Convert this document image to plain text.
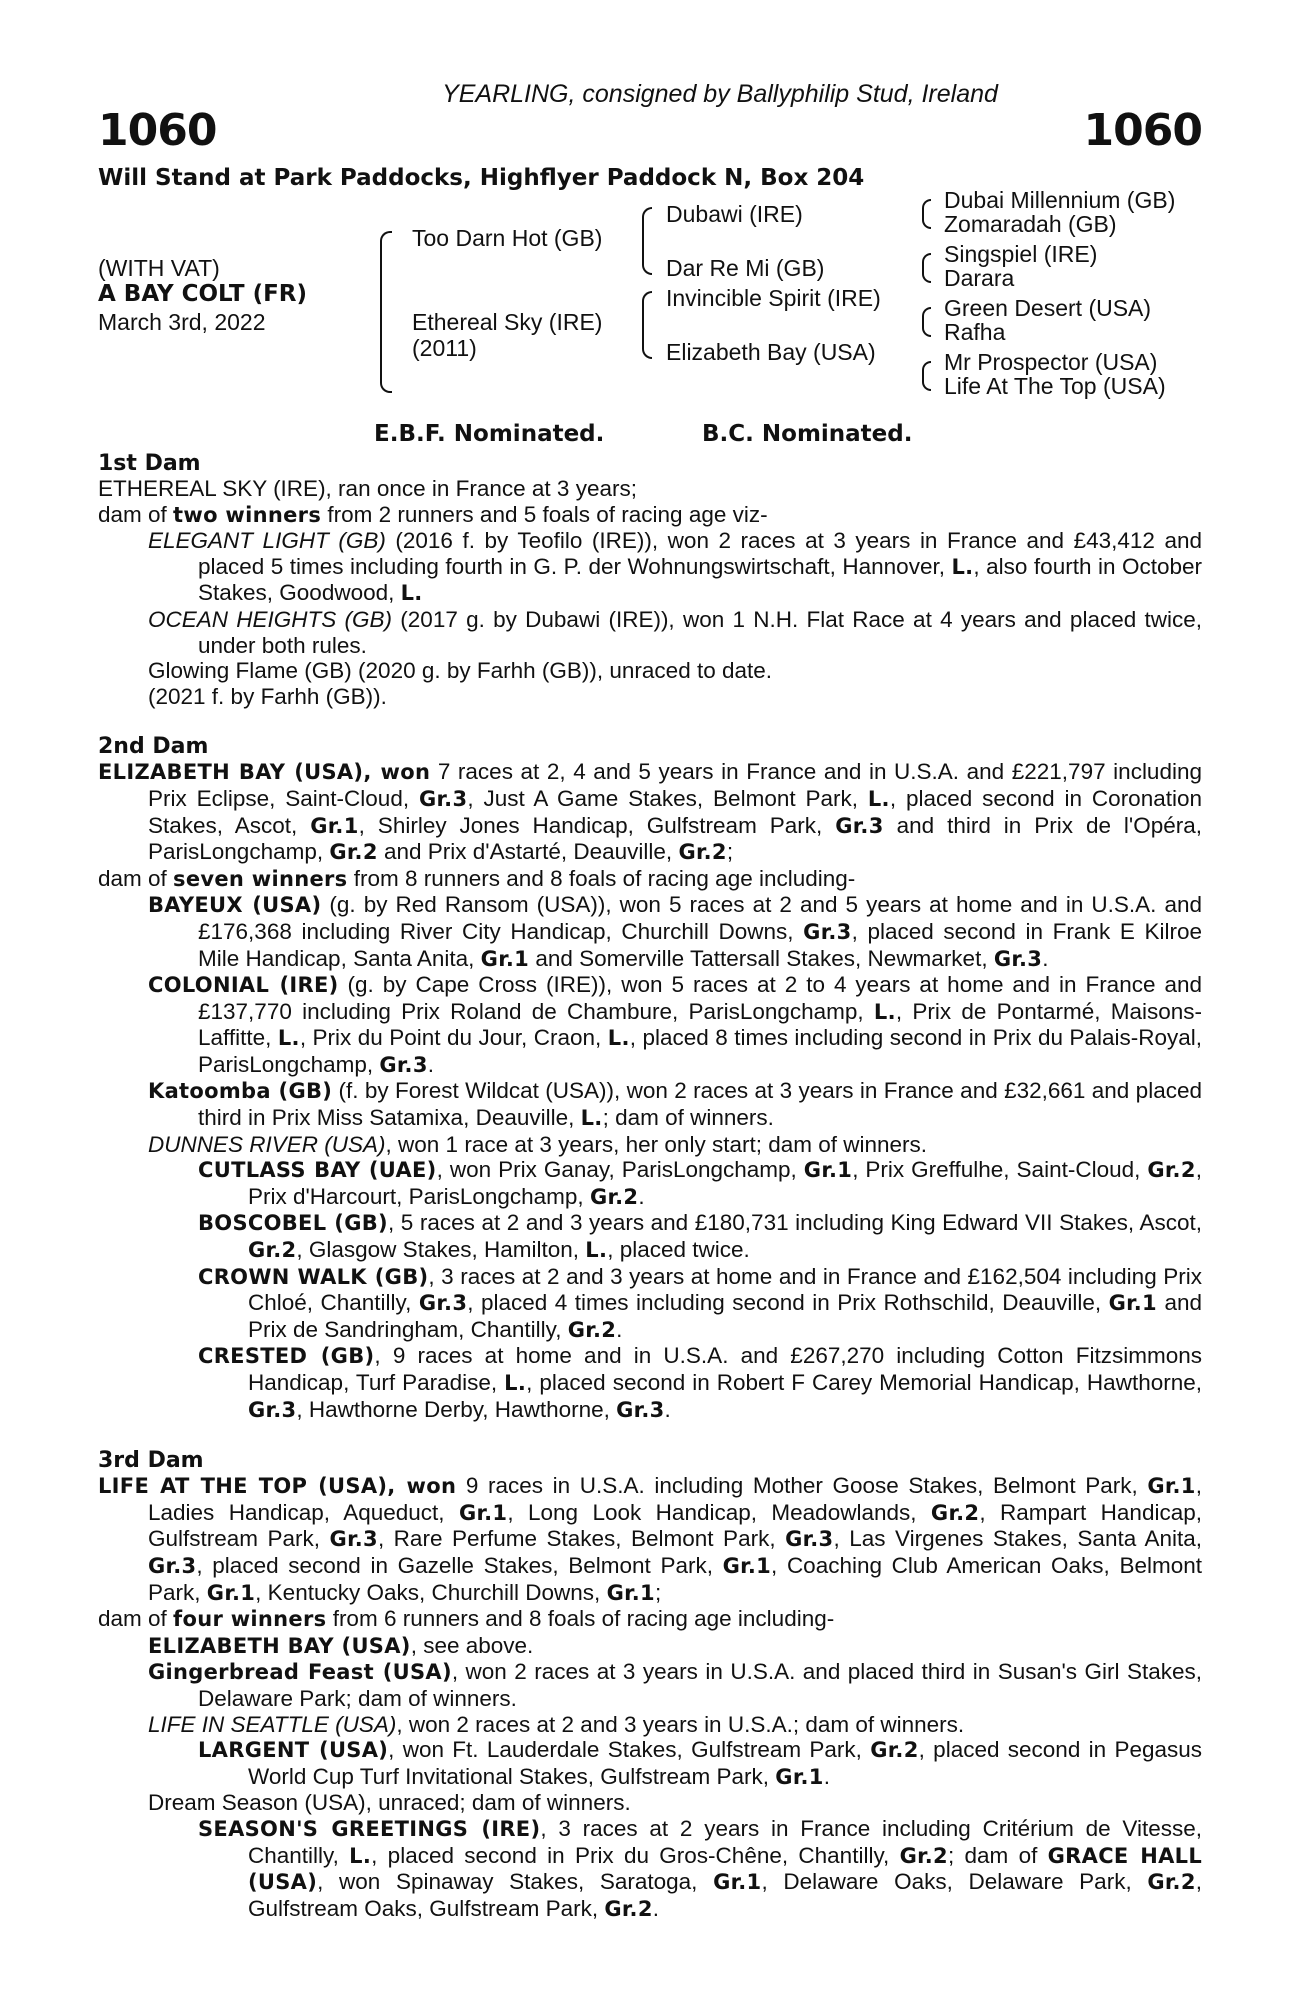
YEARLING, consigned by Ballyphilip Stud, Ireland
1060	1060
Will Stand at Park Paddocks, Highflyer Paddock N, Box 204
(WITH VAT)
A BAY COLT (FR)
March 3rd, 2022
Too Darn Hot (GB)
Ethereal Sky (IRE)
(2011)
Dubawi (IRE)
Dar Re Mi (GB)
Invincible Spirit (IRE)
Elizabeth Bay (USA)
Dubai Millennium (GB)
Zomaradah (GB)
Singspiel (IRE)
Darara
Green Desert (USA)
Rafha
Mr Prospector (USA)
Life At The Top (USA)
E.B.F. Nominated.	B.C. Nominated.
1st Dam

ETHEREAL SKY (IRE), ran once in France at 3 years;

dam of two winners from 2 runners and 5 foals of racing age viz-

ELEGANT LIGHT (GB) (2016 f. by Teofilo (IRE)), won 2 races at 3 years in France and £43,412 and placed 5 times including fourth in G. P. der Wohnungswirtschaft, Hannover, L., also fourth in October Stakes, Goodwood, L.

OCEAN HEIGHTS (GB) (2017 g. by Dubawi (IRE)), won 1 N.H. Flat Race at 4 years and placed twice, under both rules.

Glowing Flame (GB) (2020 g. by Farhh (GB)), unraced to date.

(2021 f. by Farhh (GB)).

2nd Dam

ELIZABETH BAY (USA), won 7 races at 2, 4 and 5 years in France and in U.S.A. and £221,797 including Prix Eclipse, Saint-Cloud, Gr.3, Just A Game Stakes, Belmont Park, L., placed second in Coronation Stakes, Ascot, Gr.1, Shirley Jones Handicap, Gulfstream Park, Gr.3 and third in Prix de l'Opéra, ParisLongchamp, Gr.2 and Prix d'Astarté, Deauville, Gr.2;

dam of seven winners from 8 runners and 8 foals of racing age including-

BAYEUX (USA) (g. by Red Ransom (USA)), won 5 races at 2 and 5 years at home and in U.S.A. and £176,368 including River City Handicap, Churchill Downs, Gr.3, placed second in Frank E Kilroe Mile Handicap, Santa Anita, Gr.1 and Somerville Tattersall Stakes, Newmarket, Gr.3.

COLONIAL (IRE) (g. by Cape Cross (IRE)), won 5 races at 2 to 4 years at home and in France and £137,770 including Prix Roland de Chambure, ParisLongchamp, L., Prix de Pontarmé, Maisons-Laffitte, L., Prix du Point du Jour, Craon, L., placed 8 times including second in Prix du Palais-Royal, ParisLongchamp, Gr.3.

Katoomba (GB) (f. by Forest Wildcat (USA)), won 2 races at 3 years in France and £32,661 and placed third in Prix Miss Satamixa, Deauville, L.; dam of winners.

DUNNES RIVER (USA), won 1 race at 3 years, her only start; dam of winners.

CUTLASS BAY (UAE), won Prix Ganay, ParisLongchamp, Gr.1, Prix Greffulhe, Saint-Cloud, Gr.2, Prix d'Harcourt, ParisLongchamp, Gr.2.

BOSCOBEL (GB), 5 races at 2 and 3 years and £180,731 including King Edward VII Stakes, Ascot, Gr.2, Glasgow Stakes, Hamilton, L., placed twice.

CROWN WALK (GB), 3 races at 2 and 3 years at home and in France and £162,504 including Prix Chloé, Chantilly, Gr.3, placed 4 times including second in Prix Rothschild, Deauville, Gr.1 and Prix de Sandringham, Chantilly, Gr.2.

CRESTED (GB), 9 races at home and in U.S.A. and £267,270 including Cotton Fitzsimmons Handicap, Turf Paradise, L., placed second in Robert F Carey Memorial Handicap, Hawthorne, Gr.3, Hawthorne Derby, Hawthorne, Gr.3.

3rd Dam

LIFE AT THE TOP (USA), won 9 races in U.S.A. including Mother Goose Stakes, Belmont Park, Gr.1, Ladies Handicap, Aqueduct, Gr.1, Long Look Handicap, Meadowlands, Gr.2, Rampart Handicap, Gulfstream Park, Gr.3, Rare Perfume Stakes, Belmont Park, Gr.3, Las Virgenes Stakes, Santa Anita, Gr.3, placed second in Gazelle Stakes, Belmont Park, Gr.1, Coaching Club American Oaks, Belmont Park, Gr.1, Kentucky Oaks, Churchill Downs, Gr.1;

dam of four winners from 6 runners and 8 foals of racing age including-

ELIZABETH BAY (USA), see above.

Gingerbread Feast (USA), won 2 races at 3 years in U.S.A. and placed third in Susan's Girl Stakes, Delaware Park; dam of winners.

LIFE IN SEATTLE (USA), won 2 races at 2 and 3 years in U.S.A.; dam of winners.

LARGENT (USA), won Ft. Lauderdale Stakes, Gulfstream Park, Gr.2, placed second in Pegasus World Cup Turf Invitational Stakes, Gulfstream Park, Gr.1.

Dream Season (USA), unraced; dam of winners.

SEASON'S GREETINGS (IRE), 3 races at 2 years in France including Critérium de Vitesse, Chantilly, L., placed second in Prix du Gros-Chêne, Chantilly, Gr.2; dam of GRACE HALL (USA), won Spinaway Stakes, Saratoga, Gr.1, Delaware Oaks, Delaware Park, Gr.2, Gulfstream Oaks, Gulfstream Park, Gr.2.
